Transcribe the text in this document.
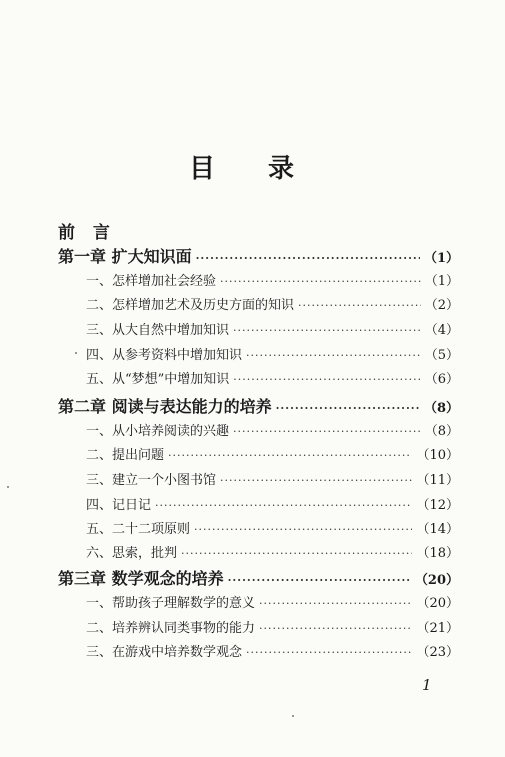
目 录
前 言
第一章 扩大知识面 ·····	（1）
一、怎样增加社会经验 ·····	（1）
二、怎样增加艺术及历史方面的知识 ·····	（2）
三、从大自然中增加知识 ·····	（4）
四、从参考资料中增加知识 ·····	（5）
五、从“梦想”中增加知识 ·····	（6）
第二章 阅读与表达能力的培养 ·····	（8）
一、从小培养阅读的兴趣 ·····	（8）
二、提出问题 ·····	（10）
三、建立一个小图书馆 ·····	（11）
四、记日记 ·····	（12）
五、二十二项原则 ·····	（14）
六、思索，批判 ·····	（18）
第三章 数学观念的培养 ·····	（20）
一、帮助孩子理解数学的意义 ·····	（20）
二、培养辨认同类事物的能力 ·····	（21）
三、在游戏中培养数学观念 ·····	（23）
1
